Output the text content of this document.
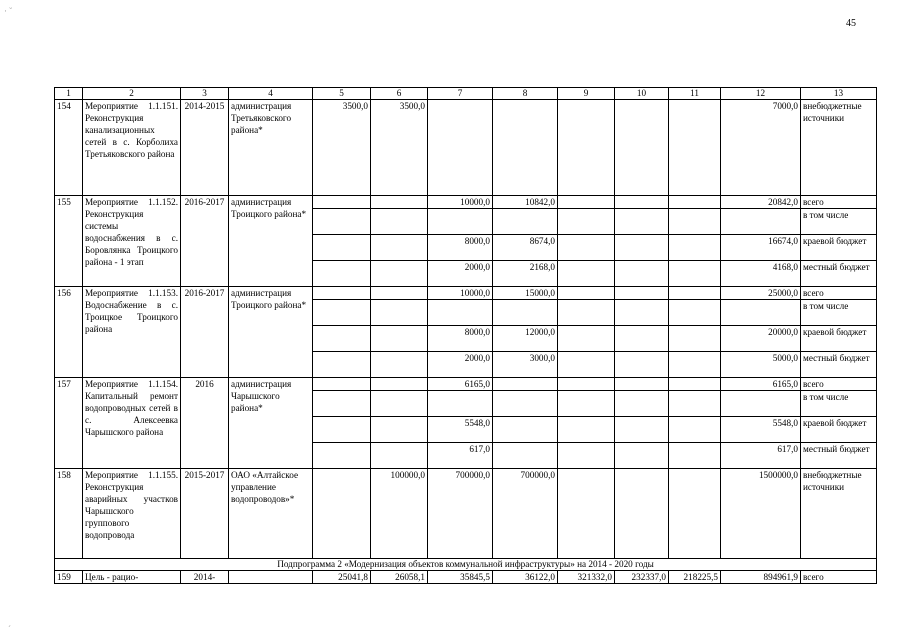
45
· ˘
ˊ
1	2	3	4	5	6	7	8	9	10	11	12	13
154	Мероприятие 1.1.151. Реконструкция канализационных сетей в с. Корболиха Третьяковского района	2014-2015	администрация Третьяковского района*	3500,0	3500,0						7000,0	внебюджетные источники
155	Мероприятие 1.1.152. Реконструкция системы водоснабжения в с. Боровлянка Троицкого района - 1 этап	2016-2017	администрация Троицкого района*			10000,0	10842,0				20842,0	всего
												в том числе
						8000,0	8674,0				16674,0	краевой бюджет
						2000,0	2168,0				4168,0	местный бюджет
156	Мероприятие 1.1.153. Водоснабжение в с. Троицкое Троицкого района	2016-2017	администрация Троицкого района*			10000,0	15000,0				25000,0	всего
												в том числе
						8000,0	12000,0				20000,0	краевой бюджет
						2000,0	3000,0				5000,0	местный бюджет
157	Мероприятие 1.1.154. Капитальный ремонт водопроводных сетей в с. Алексеевка Чарышского района	2016	администрация Чарышского района*			6165,0					6165,0	всего
												в том числе
						5548,0					5548,0	краевой бюджет
						617,0					617,0	местный бюджет
158	Мероприятие 1.1.155. Реконструкция аварийных участков Чарышского группового водопровода	2015-2017	ОАО «Алтайское управление водопроводов»*		100000,0	700000,0	700000,0				1500000,0	внебюджетные источники
Подпрограмма 2 «Модернизация объектов коммунальной инфраструктуры» на 2014 - 2020 годы												
159	Цель - рацио-	2014-		25041,8	26058,1	35845,5	36122,0	321332,0	232337,0	218225,5	894961,9	всего
